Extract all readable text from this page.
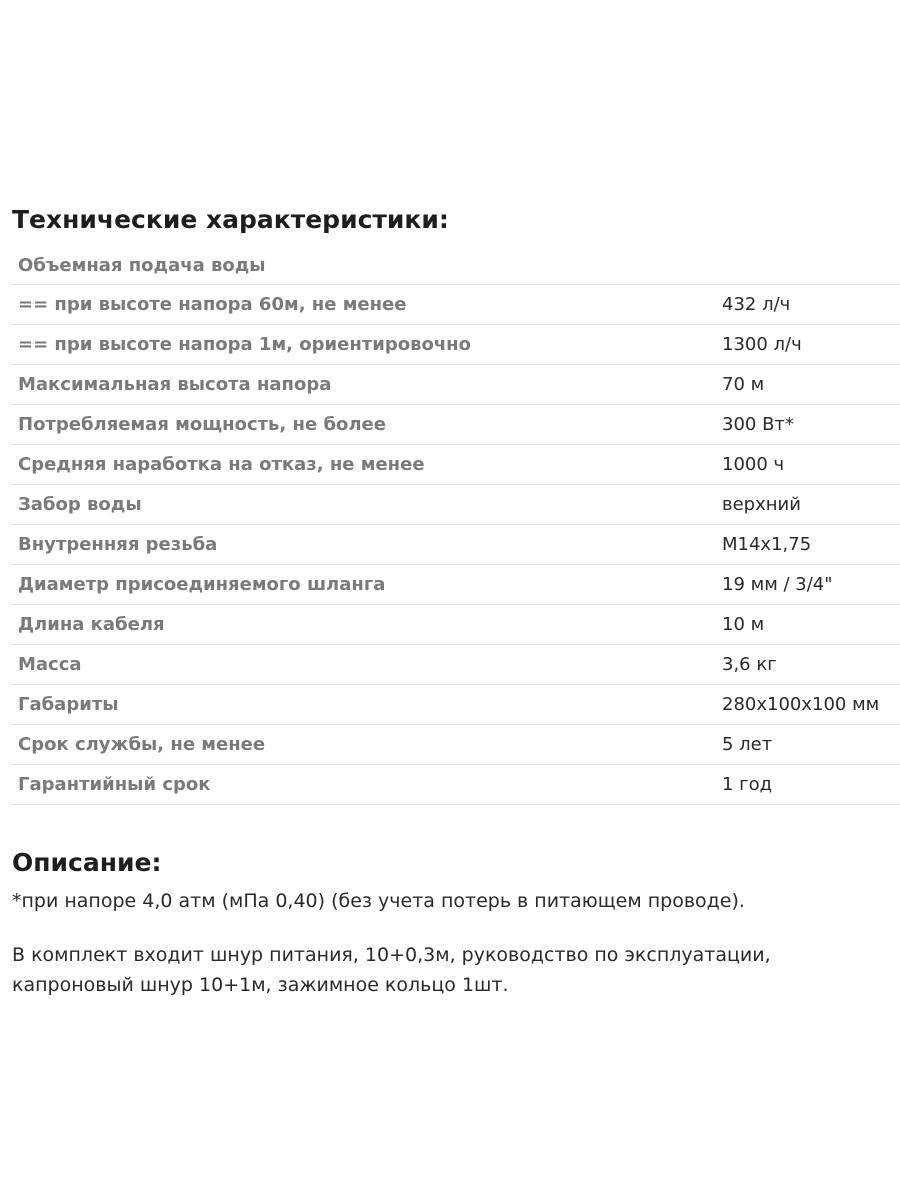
Технические характеристики:
Объемная подача воды
== при высоте напора 60м, не менее	432 л/ч
== при высоте напора 1м, ориентировочно	1300 л/ч
Максимальная высота напора	70 м
Потребляемая мощность, не более	300 Вт*
Средняя наработка на отказ, не менее	1000 ч
Забор воды	верхний
Внутренняя резьба	М14х1,75
Диаметр присоединяемого шланга	19 мм / 3/4"
Длина кабеля	10 м
Масса	3,6 кг
Габариты	280х100х100 мм
Срок службы, не менее	5 лет
Гарантийный срок	1 год
Описание:

*при напоре 4,0 атм (мПа 0,40) (без учета потерь в питающем проводе).

В комплект входит шнур питания, 10+0,3м, руководство по эксплуатации,
капроновый шнур 10+1м, зажимное кольцо 1шт.
